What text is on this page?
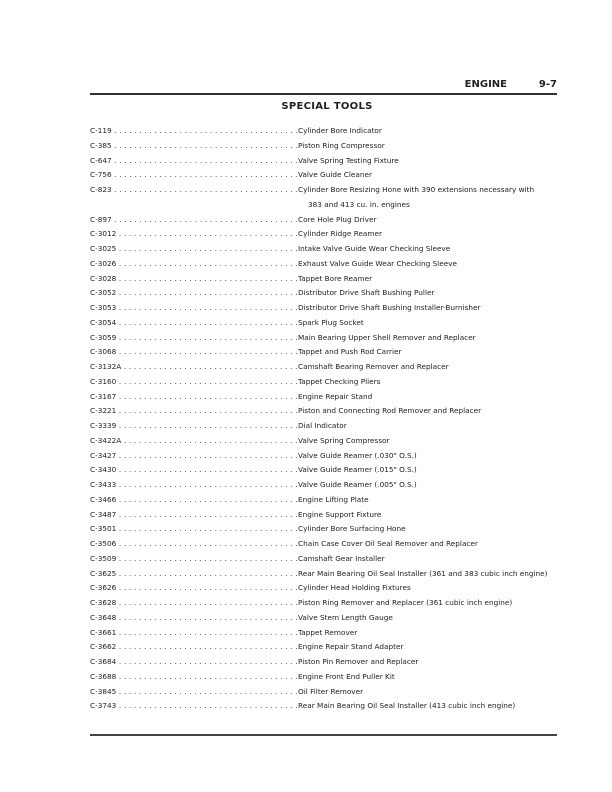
ENGINE	9-7
SPECIAL TOOLS
C-119 . . .	Cylinder Bore Indicator
C-385 . . .	Piston Ring Compressor
C-647 . . .	Valve Spring Testing Fixture
C-756 . . .	Valve Guide Cleaner
C-823 . . .	Cylinder Bore Resizing Hone with 390 extensions necessary with
383 and 413 cu. in. engines
C-897 . . .	Core Hole Plug Driver
C-3012 . . .	Cylinder Ridge Reamer
C-3025 . . .	Intake Valve Guide Wear Checking Sleeve
C-3026 . . .	Exhaust Valve Guide Wear Checking Sleeve
C-3028 . . .	Tappet Bore Reamer
C-3052 . . .	Distributor Drive Shaft Bushing Puller
C-3053 . . .	Distributor Drive Shaft Bushing Installer-Burnisher
C-3054 . . .	Spark Plug Socket
C-3059 . . .	Main Bearing Upper Shell Remover and Replacer
C-3068 . . .	Tappet and Push Rod Carrier
C-3132A . . .	Camshaft Bearing Remover and Replacer
C-3160 . . .	Tappet Checking Pliers
C-3167 . . .	Engine Repair Stand
C-3221 . . .	Piston and Connecting Rod Remover and Replacer
C-3339 . . .	Dial Indicator
C-3422A . . .	Valve Spring Compressor
C-3427 . . .	Valve Guide Reamer (.030" O.S.)
C-3430 . . .	Valve Guide Reamer (.015" O.S.)
C-3433 . . .	Valve Guide Reamer (.005" O.S.)
C-3466 . . .	Engine Lifting Plate
C-3487 . . .	Engine Support Fixture
C-3501 . . .	Cylinder Bore Surfacing Hone
C-3506 . . .	Chain Case Cover Oil Seal Remover and Replacer
C-3509 . . .	Camshaft Gear Installer
C-3625 . . .	Rear Main Bearing Oil Seal Installer (361 and 383 cubic inch engine)
C-3626 . . .	Cylinder Head Holding Fixtures
C-3628 . . .	Piston Ring Remover and Replacer (361 cubic inch engine)
C-3648 . . .	Valve Stem Length Gauge
C-3661 . . .	Tappet Remover
C-3662 . . .	Engine Repair Stand Adapter
C-3684 . . .	Piston Pin Remover and Replacer
C-3688 . . .	Engine Front End Puller Kit
C-3845 . . .	Oil Filter Remover
C-3743 . . .	Rear Main Bearing Oil Seal Installer (413 cubic inch engine)
